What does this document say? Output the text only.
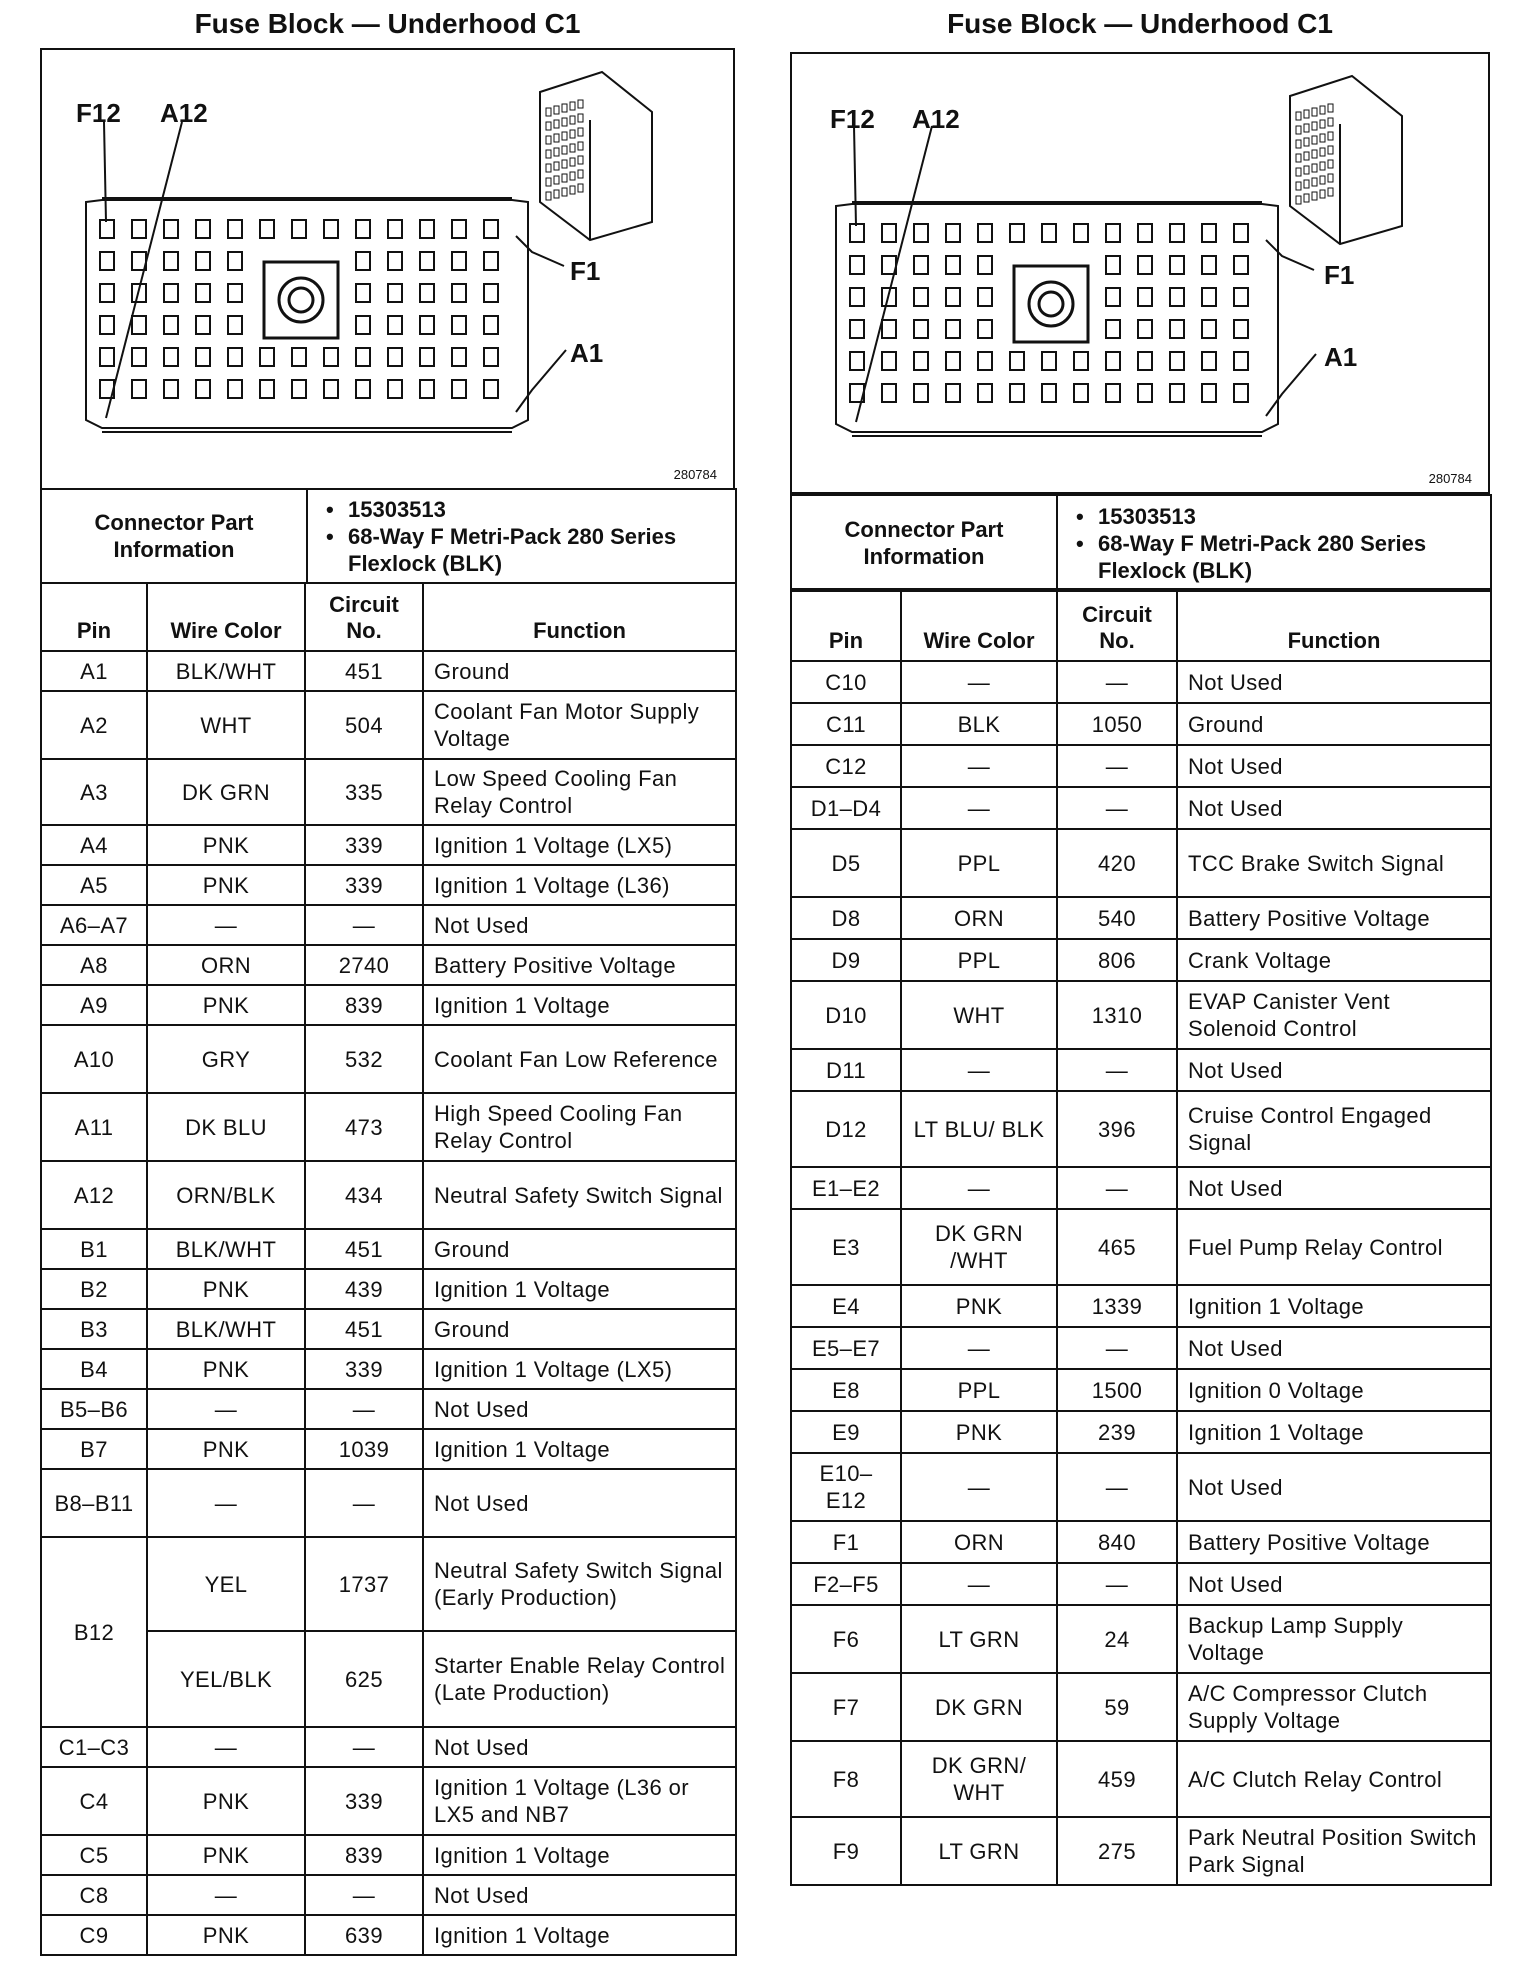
Fuse Block — Underhood C1
F12 A12
F1
A1
280784
Connector Part Information	
• 15303513
• 68-Way F Metri-Pack 280 Series Flexlock (BLK)
Pin	Wire Color	Circuit No.	Function
A1	BLK/WHT	451	Ground
A2	WHT	504	Coolant Fan Motor Supply Voltage
A3	DK GRN	335	Low Speed Cooling Fan Relay Control
A4	PNK	339	Ignition 1 Voltage (LX5)
A5	PNK	339	Ignition 1 Voltage (L36)
A6–A7	—	—	Not Used
A8	ORN	2740	Battery Positive Voltage
A9	PNK	839	Ignition 1 Voltage
A10	GRY	532	Coolant Fan Low Reference
A11	DK BLU	473	High Speed Cooling Fan Relay Control
A12	ORN/BLK	434	Neutral Safety Switch Signal
B1	BLK/WHT	451	Ground
B2	PNK	439	Ignition 1 Voltage
B3	BLK/WHT	451	Ground
B4	PNK	339	Ignition 1 Voltage (LX5)
B5–B6	—	—	Not Used
B7	PNK	1039	Ignition 1 Voltage
B8–B11	—	—	Not Used
B12	YEL	1737	Neutral Safety Switch Signal (Early Production)
	YEL/BLK	625	Starter Enable Relay Control (Late Production)
C1–C3	—	—	Not Used
C4	PNK	339	Ignition 1 Voltage (L36 or LX5 and NB7
C5	PNK	839	Ignition 1 Voltage
C8	—	—	Not Used
C9	PNK	639	Ignition 1 Voltage
Fuse Block — Underhood C1
F12 A12
F1
A1
280784
Connector Part Information	
• 15303513
• 68-Way F Metri-Pack 280 Series Flexlock (BLK)
Pin	Wire Color	Circuit No.	Function
C10	—	—	Not Used
C11	BLK	1050	Ground
C12	—	—	Not Used
D1–D4	—	—	Not Used
D5	PPL	420	TCC Brake Switch Signal
D8	ORN	540	Battery Positive Voltage
D9	PPL	806	Crank Voltage
D10	WHT	1310	EVAP Canister Vent Solenoid Control
D11	—	—	Not Used
D12	LT BLU/ BLK	396	Cruise Control Engaged Signal
E1–E2	—	—	Not Used
E3	DK GRN /WHT	465	Fuel Pump Relay Control
E4	PNK	1339	Ignition 1 Voltage
E5–E7	—	—	Not Used
E8	PPL	1500	Ignition 0 Voltage
E9	PNK	239	Ignition 1 Voltage
E10– E12	—	—	Not Used
F1	ORN	840	Battery Positive Voltage
F2–F5	—	—	Not Used
F6	LT GRN	24	Backup Lamp Supply Voltage
F7	DK GRN	59	A/C Compressor Clutch Supply Voltage
F8	DK GRN/ WHT	459	A/C Clutch Relay Control
F9	LT GRN	275	Park Neutral Position Switch Park Signal
